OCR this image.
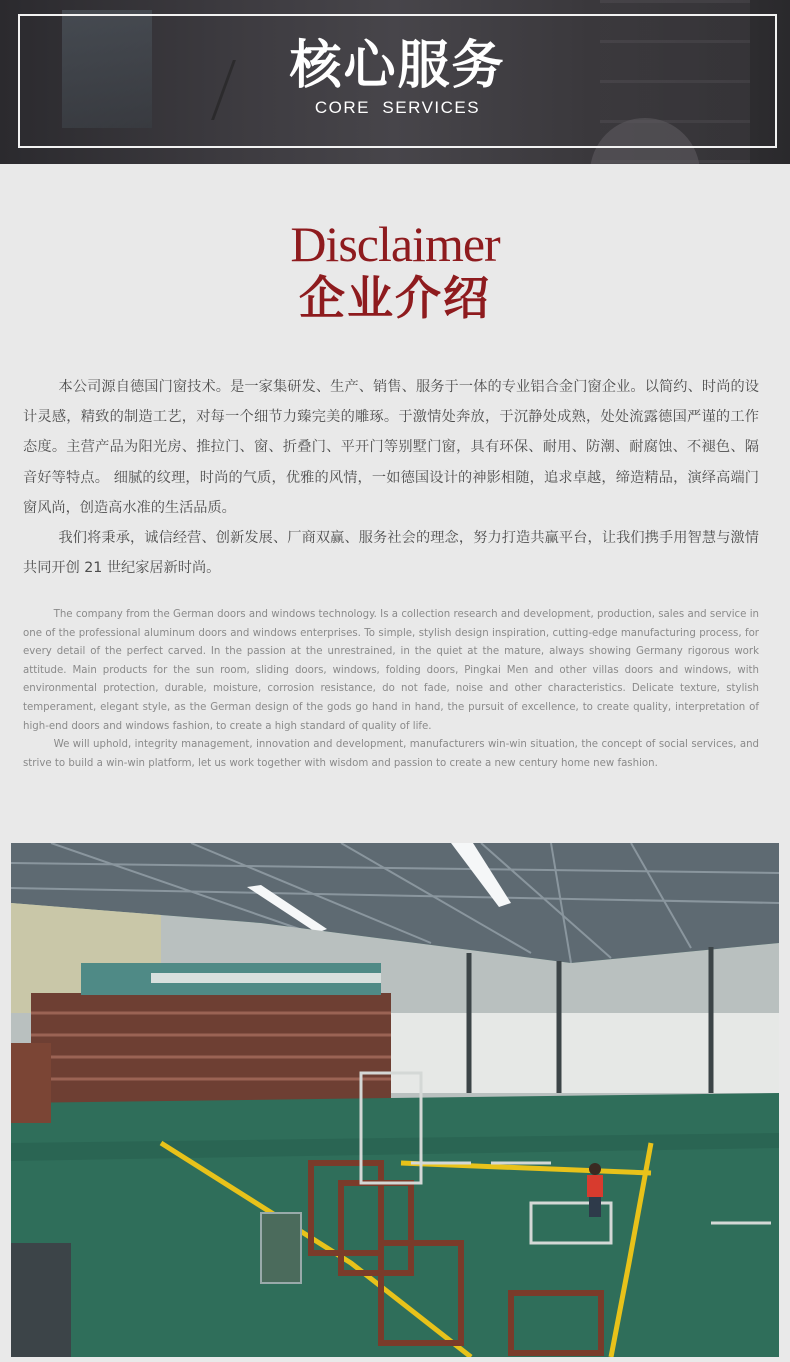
核心服务
CORE  SERVICES
Disclaimer
企业介绍

本公司源自德国门窗技术。是一家集研发、生产、销售、服务于一体的专业铝合金门窗企业。以简约、时尚的设计灵感，精致的制造工艺，对每一个细节力臻完美的雕琢。于激情处奔放，于沉静处成熟，处处流露德国严谨的工作态度。主营产品为阳光房、推拉门、窗、折叠门、平开门等别墅门窗，具有环保、耐用、防潮、耐腐蚀、不褪色、隔音好等特点。 细腻的纹理，时尚的气质，优雅的风情，一如德国设计的神影相随，追求卓越，缔造精品，演绎高端门窗风尚，创造高水准的生活品质。

我们将秉承，诚信经营、创新发展、厂商双赢、服务社会的理念，努力打造共赢平台，让我们携手用智慧与激情共同开创 21 世纪家居新时尚。

The company from the German doors and windows technology. Is a collection research and development, production, sales and service in one of the professional aluminum doors and windows enterprises. To simple, stylish design inspiration, cutting-edge manufacturing process, for every detail of the perfect carved. In the passion at the unrestrained, in the quiet at the mature, always showing Germany rigorous work attitude. Main products for the sun room, sliding doors, windows, folding doors, Pingkai Men and other villas doors and windows, with environmental protection, durable, moisture, corrosion resistance, do not fade, noise and other characteristics. Delicate texture, stylish temperament, elegant style, as the German design of the gods go hand in hand, the pursuit of excellence, to create quality, interpretation of high-end doors and windows fashion, to create a high standard of quality of life.

We will uphold, integrity management, innovation and development, manufacturers win-win situation, the concept of social services, and strive to build a win-win platform, let us work together with wisdom and passion to create a new century home new fashion.
